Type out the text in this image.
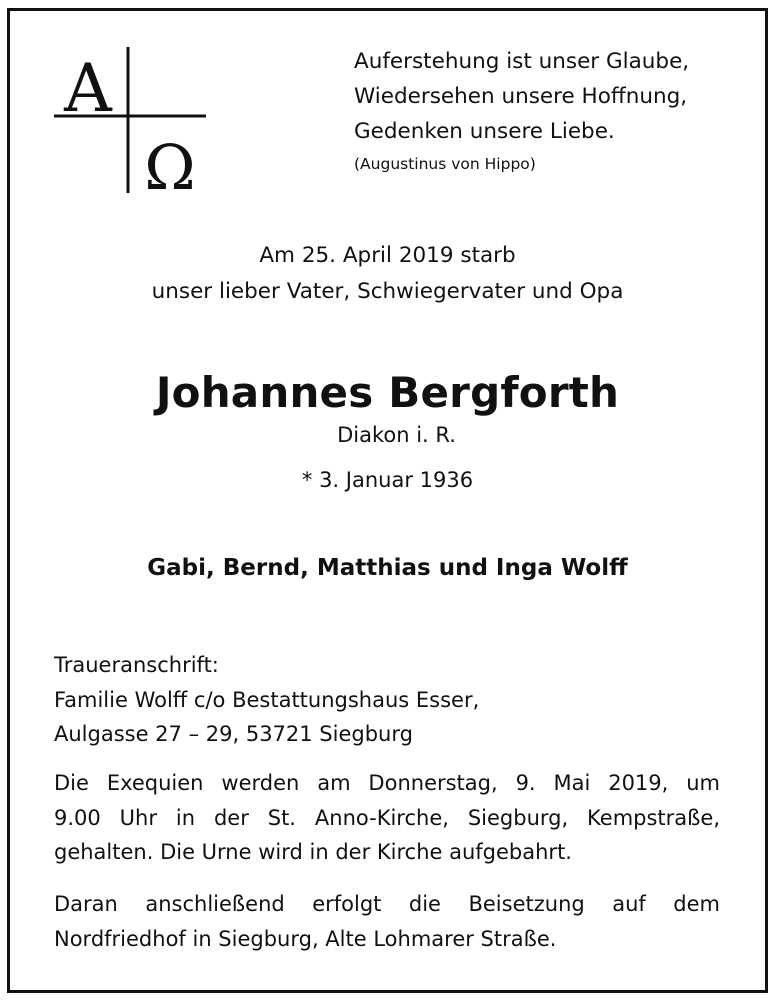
A
Ω
Auferstehung ist unser Glaube,
Wiedersehen unsere Hoffnung,
Gedenken unsere Liebe.
(Augustinus von Hippo)
Am 25. April 2019 starb
unser lieber Vater, Schwiegervater und Opa
Johannes Bergforth
Diakon i. R.
* 3. Januar 1936
Gabi, Bernd, Matthias und Inga Wolff
Traueranschrift:
Familie Wolff c/o Bestattungshaus Esser,
Aulgasse 27 – 29, 53721 Siegburg
Die Exequien werden am Donnerstag, 9. Mai 2019, um
9.00 Uhr in der St. Anno-Kirche, Siegburg, Kempstraße,
gehalten. Die Urne wird in der Kirche aufgebahrt.
Daran anschließend erfolgt die Beisetzung auf dem
Nordfriedhof in Siegburg, Alte Lohmarer Straße.
